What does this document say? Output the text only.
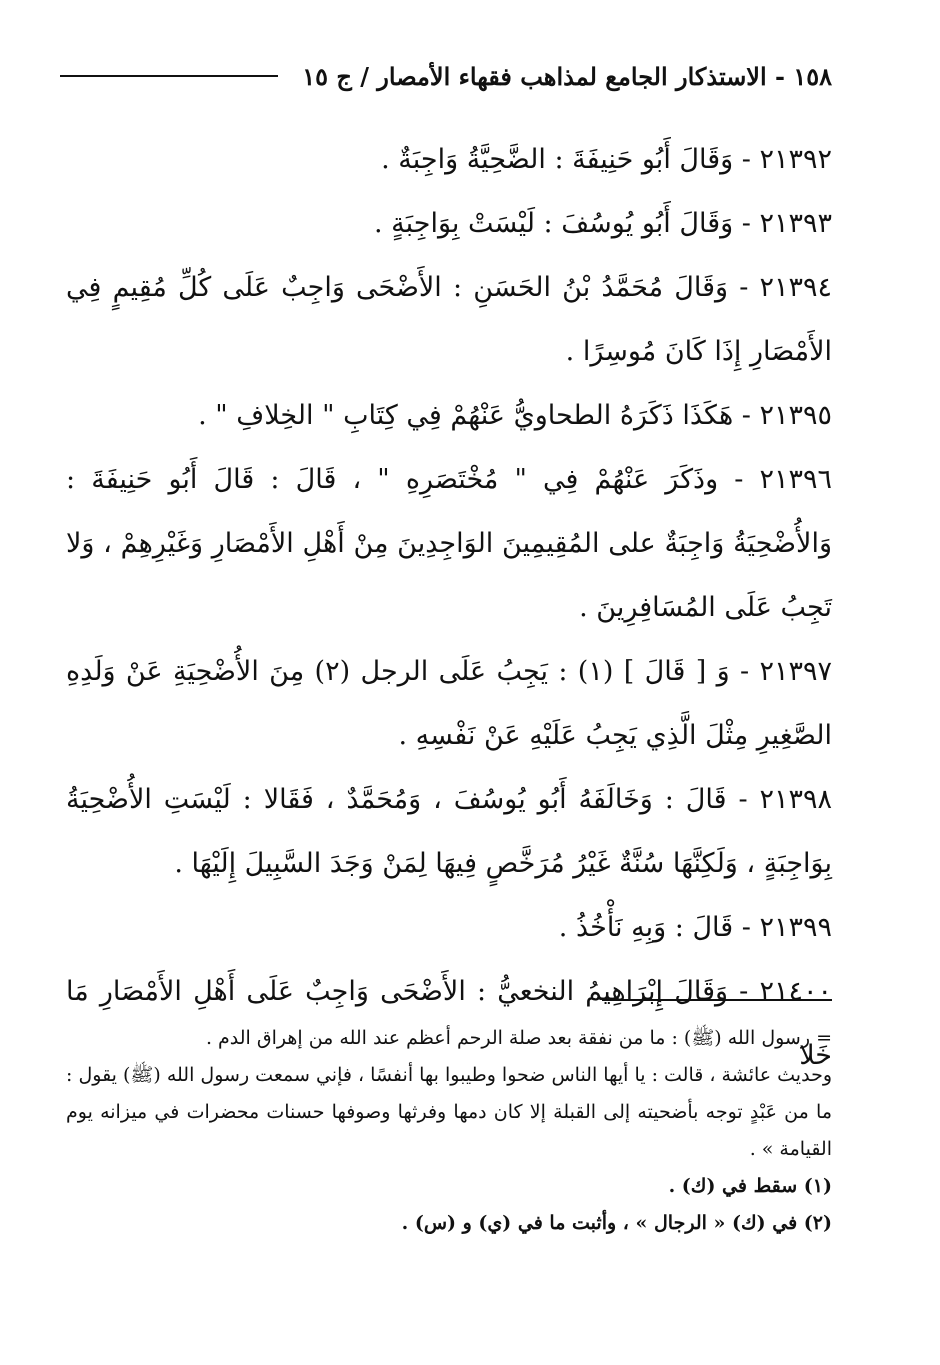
١٥٨ - الاستذكار الجامع لمذاهب فقهاء الأمصار / ج ١٥

٢١٣٩٢ - وَقَالَ أَبُو حَنِيفَةَ : الضَّحِيَّةُ وَاجِبَةٌ .

٢١٣٩٣ - وَقَالَ أَبُو يُوسُفَ : لَيْسَتْ بِوَاجِبَةٍ .

٢١٣٩٤ - وَقَالَ مُحَمَّدُ بْنُ الحَسَنِ : الأَضْحَى وَاجِبٌ عَلَى كُلِّ مُقِيمٍ فِي الأَمْصَارِ إِذَا كَانَ مُوسِرًا .

٢١٣٩٥ - هَكَذَا ذَكَرَهُ الطحاويُّ عَنْهُمْ فِي كِتَابِ " الخِلافِ " .

٢١٣٩٦ - وذَكَرَ عَنْهُمْ فِي " مُخْتَصَرِهِ " ، قَالَ : قَالَ أَبُو حَنِيفَةَ : وَالأُضْحِيَةُ وَاجِبَةٌ على المُقِيمِينَ الوَاجِدِينَ مِنْ أَهْلِ الأَمْصَارِ وَغَيْرِهِمْ ، وَلا تَجِبُ عَلَى المُسَافِرِينَ .

٢١٣٩٧ - وَ [ قَالَ ] (١) : يَجِبُ عَلَى الرجل (٢) مِنَ الأُضْحِيَةِ عَنْ وَلَدِهِ الصَّغِيرِ مِثْلَ الَّذِي يَجِبُ عَلَيْهِ عَنْ نَفْسِهِ .

٢١٣٩٨ - قَالَ : وَخَالَفَهُ أَبُو يُوسُفَ ، وَمُحَمَّدٌ ، فَقَالا : لَيْسَتِ الأُضْحِيَةُ بِوَاجِبَةٍ ، وَلَكِنَّهَا سُنَّةٌ غَيْرُ مُرَخَّصٍ فِيهَا لِمَنْ وَجَدَ السَّبِيلَ إِلَيْهَا .

٢١٣٩٩ - قَالَ : وَبِهِ نَأْخُذُ .

٢١٤٠٠ - وَقَالَ إِبْرَاهِيمُ النخعيُّ : الأَضْحَى وَاجِبٌ عَلَى أَهْلِ الأَمْصَارِ مَا خَلا

= رسول الله (ﷺ) : ما من نفقة بعد صلة الرحم أعظم عند الله من إهراق الدم .

وحديث عائشة ، قالت : يا أيها الناس ضحوا وطيبوا بها أنفسًا ، فإني سمعت رسول الله (ﷺ) يقول : ما من عَبْدٍ توجه بأضحيته إلى القبلة إلا كان دمها وفرثها وصوفها حسنات محضرات في ميزانه يوم القيامة » .

(١) سقط في (ك) .

(٢) في (ك) « الرجال » ، وأثبت ما في (ي) و (س) .
